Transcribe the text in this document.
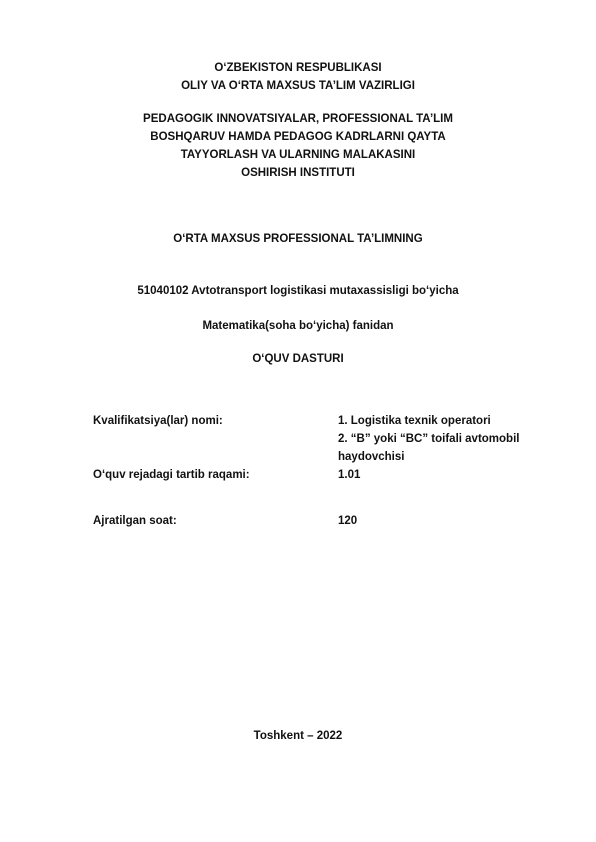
O‘ZBEKISTON RESPUBLIKASI
OLIY VA O‘RTA MAXSUS TA’LIM VAZIRLIGI
PEDAGOGIK INNOVATSIYALAR, PROFESSIONAL TA’LIM
BOSHQARUV HAMDA PEDAGOG KADRLARNI QAYTA
TAYYORLASH VA ULARNING MALAKASINI
OSHIRISH INSTITUTI
O‘RTA MAXSUS PROFESSIONAL TA’LIMNING
51040102 Avtotransport logistikasi mutaxassisligi bo‘yicha
Matematika(soha bo‘yicha) fanidan
O‘QUV DASTURI
Kvalifikatsiya(lar) nomi:	1. Logistika texnik operatori
2. “B” yoki “BC” toifali avtomobil
haydovchisi
O‘quv rejadagi tartib raqami:	1.01
Ajratilgan soat:	120
Toshkent – 2022
